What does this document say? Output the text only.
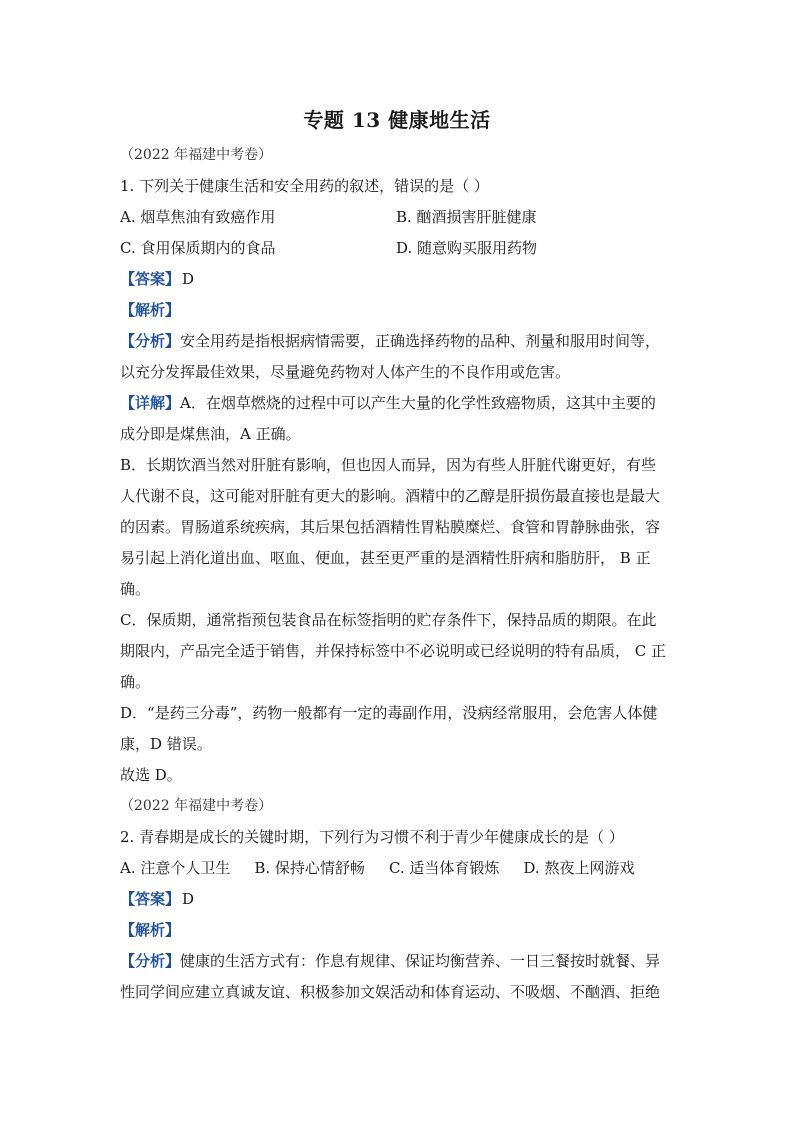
专题 13 健康地生活
（2022 年福建中考卷）
1. 下列关于健康生活和安全用药的叙述，错误的是（ ）
A. 烟草焦油有致癌作用	B. 酗酒损害肝脏健康
C. 食用保质期内的食品	D. 随意购买服用药物
【答案】 D
【解析】
【分析】安全用药是指根据病情需要，正确选择药物的品种、剂量和服用时间等，
以充分发挥最佳效果，尽量避免药物对人体产生的不良作用或危害。
【详解】A．在烟草燃烧的过程中可以产生大量的化学性致癌物质，这其中主要的
成分即是煤焦油，A 正确。
B．长期饮酒当然对肝脏有影响，但也因人而异，因为有些人肝脏代谢更好，有些
人代谢不良，这可能对肝脏有更大的影响。酒精中的乙醇是肝损伤最直接也是最大
的因素。胃肠道系统疾病，其后果包括酒精性胃粘膜糜烂、食管和胃静脉曲张，容
易引起上消化道出血、呕血、便血，甚至更严重的是酒精性肝病和脂肪肝， B 正
确。
C．保质期，通常指预包装食品在标签指明的贮存条件下，保持品质的期限。在此
期限内，产品完全适于销售，并保持标签中不必说明或已经说明的特有品质， C 正
确。
D．“是药三分毒”，药物一般都有一定的毒副作用，没病经常服用，会危害人体健
康，D 错误。
故选 D。
（2022 年福建中考卷）
2. 青春期是成长的关键时期，下列行为习惯不利于青少年健康成长的是（ ）
A. 注意个人卫生 B. 保持心情舒畅 C. 适当体育锻炼 D. 熬夜上网游戏
【答案】 D
【解析】
【分析】健康的生活方式有：作息有规律、保证均衡营养、一日三餐按时就餐、异
性同学间应建立真诚友谊、积极参加文娱活动和体育运动、不吸烟、不酗酒、拒绝
